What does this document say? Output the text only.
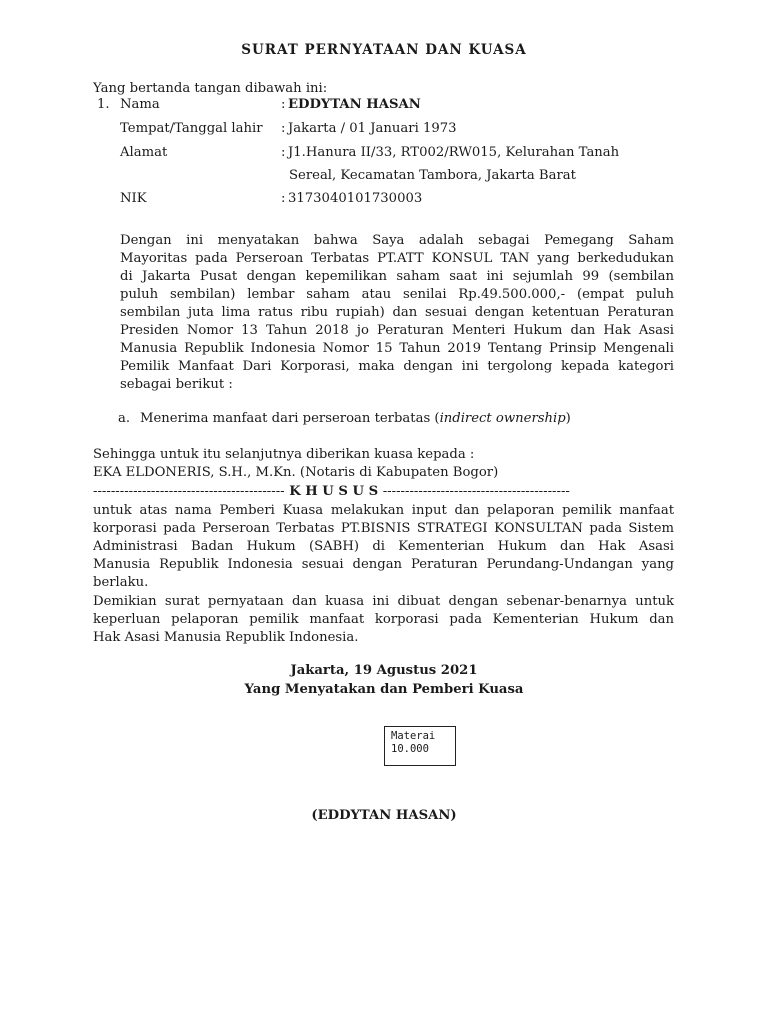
SURAT PERNYATAAN DAN KUASA
Yang bertanda tangan dibawah ini:
1. Nama	: EDDYTAN HASAN
Tempat/Tanggal lahir : Jakarta / 01 Januari 1973
Alamat	: J1.Hanura II/33, RT002/RW015, Kelurahan Tanah
Sereal, Kecamatan Tambora, Jakarta Barat
NIK	: 3173040101730003
Dengan ini menyatakan bahwa Saya adalah sebagai Pemegang Saham
Mayoritas pada Perseroan Terbatas PT.ATT KONSUL TAN yang berkedudukan
di Jakarta Pusat dengan kepemilikan saham saat ini sejumlah 99 (sembilan
puluh sembilan) lembar saham atau senilai Rp.49.500.000,- (empat puluh
sembilan juta lima ratus ribu rupiah) dan sesuai dengan ketentuan Peraturan
Presiden Nomor 13 Tahun 2018 jo Peraturan Menteri Hukum dan Hak Asasi
Manusia Republik Indonesia Nomor 15 Tahun 2019 Tentang Prinsip Mengenali
Pemilik Manfaat Dari Korporasi, maka dengan ini tergolong kepada kategori
sebagai berikut :
a. Menerima manfaat dari perseroan terbatas (indirect ownership)
Sehingga untuk itu selanjutnya diberikan kuasa kepada :
EKA ELDONERIS, S.H., M.Kn. (Notaris di Kabupaten Bogor)
------------------------------------------- K H U S U S ------------------------------------------
untuk atas nama Pemberi Kuasa melakukan input dan pelaporan pemilik manfaat
korporasi pada Perseroan Terbatas PT.BISNIS STRATEGI KONSULTAN pada Sistem
Administrasi Badan Hukum (SABH) di Kementerian Hukum dan Hak Asasi
Manusia Republik Indonesia sesuai dengan Peraturan Perundang-Undangan yang
berlaku.
Demikian surat pernyataan dan kuasa ini dibuat dengan sebenar-benarnya untuk
keperluan pelaporan pemilik manfaat korporasi pada Kementerian Hukum dan
Hak Asasi Manusia Republik Indonesia.
Jakarta, 19 Agustus 2021
Yang Menyatakan dan Pemberi Kuasa
Materai
10.000
(EDDYTAN HASAN)
